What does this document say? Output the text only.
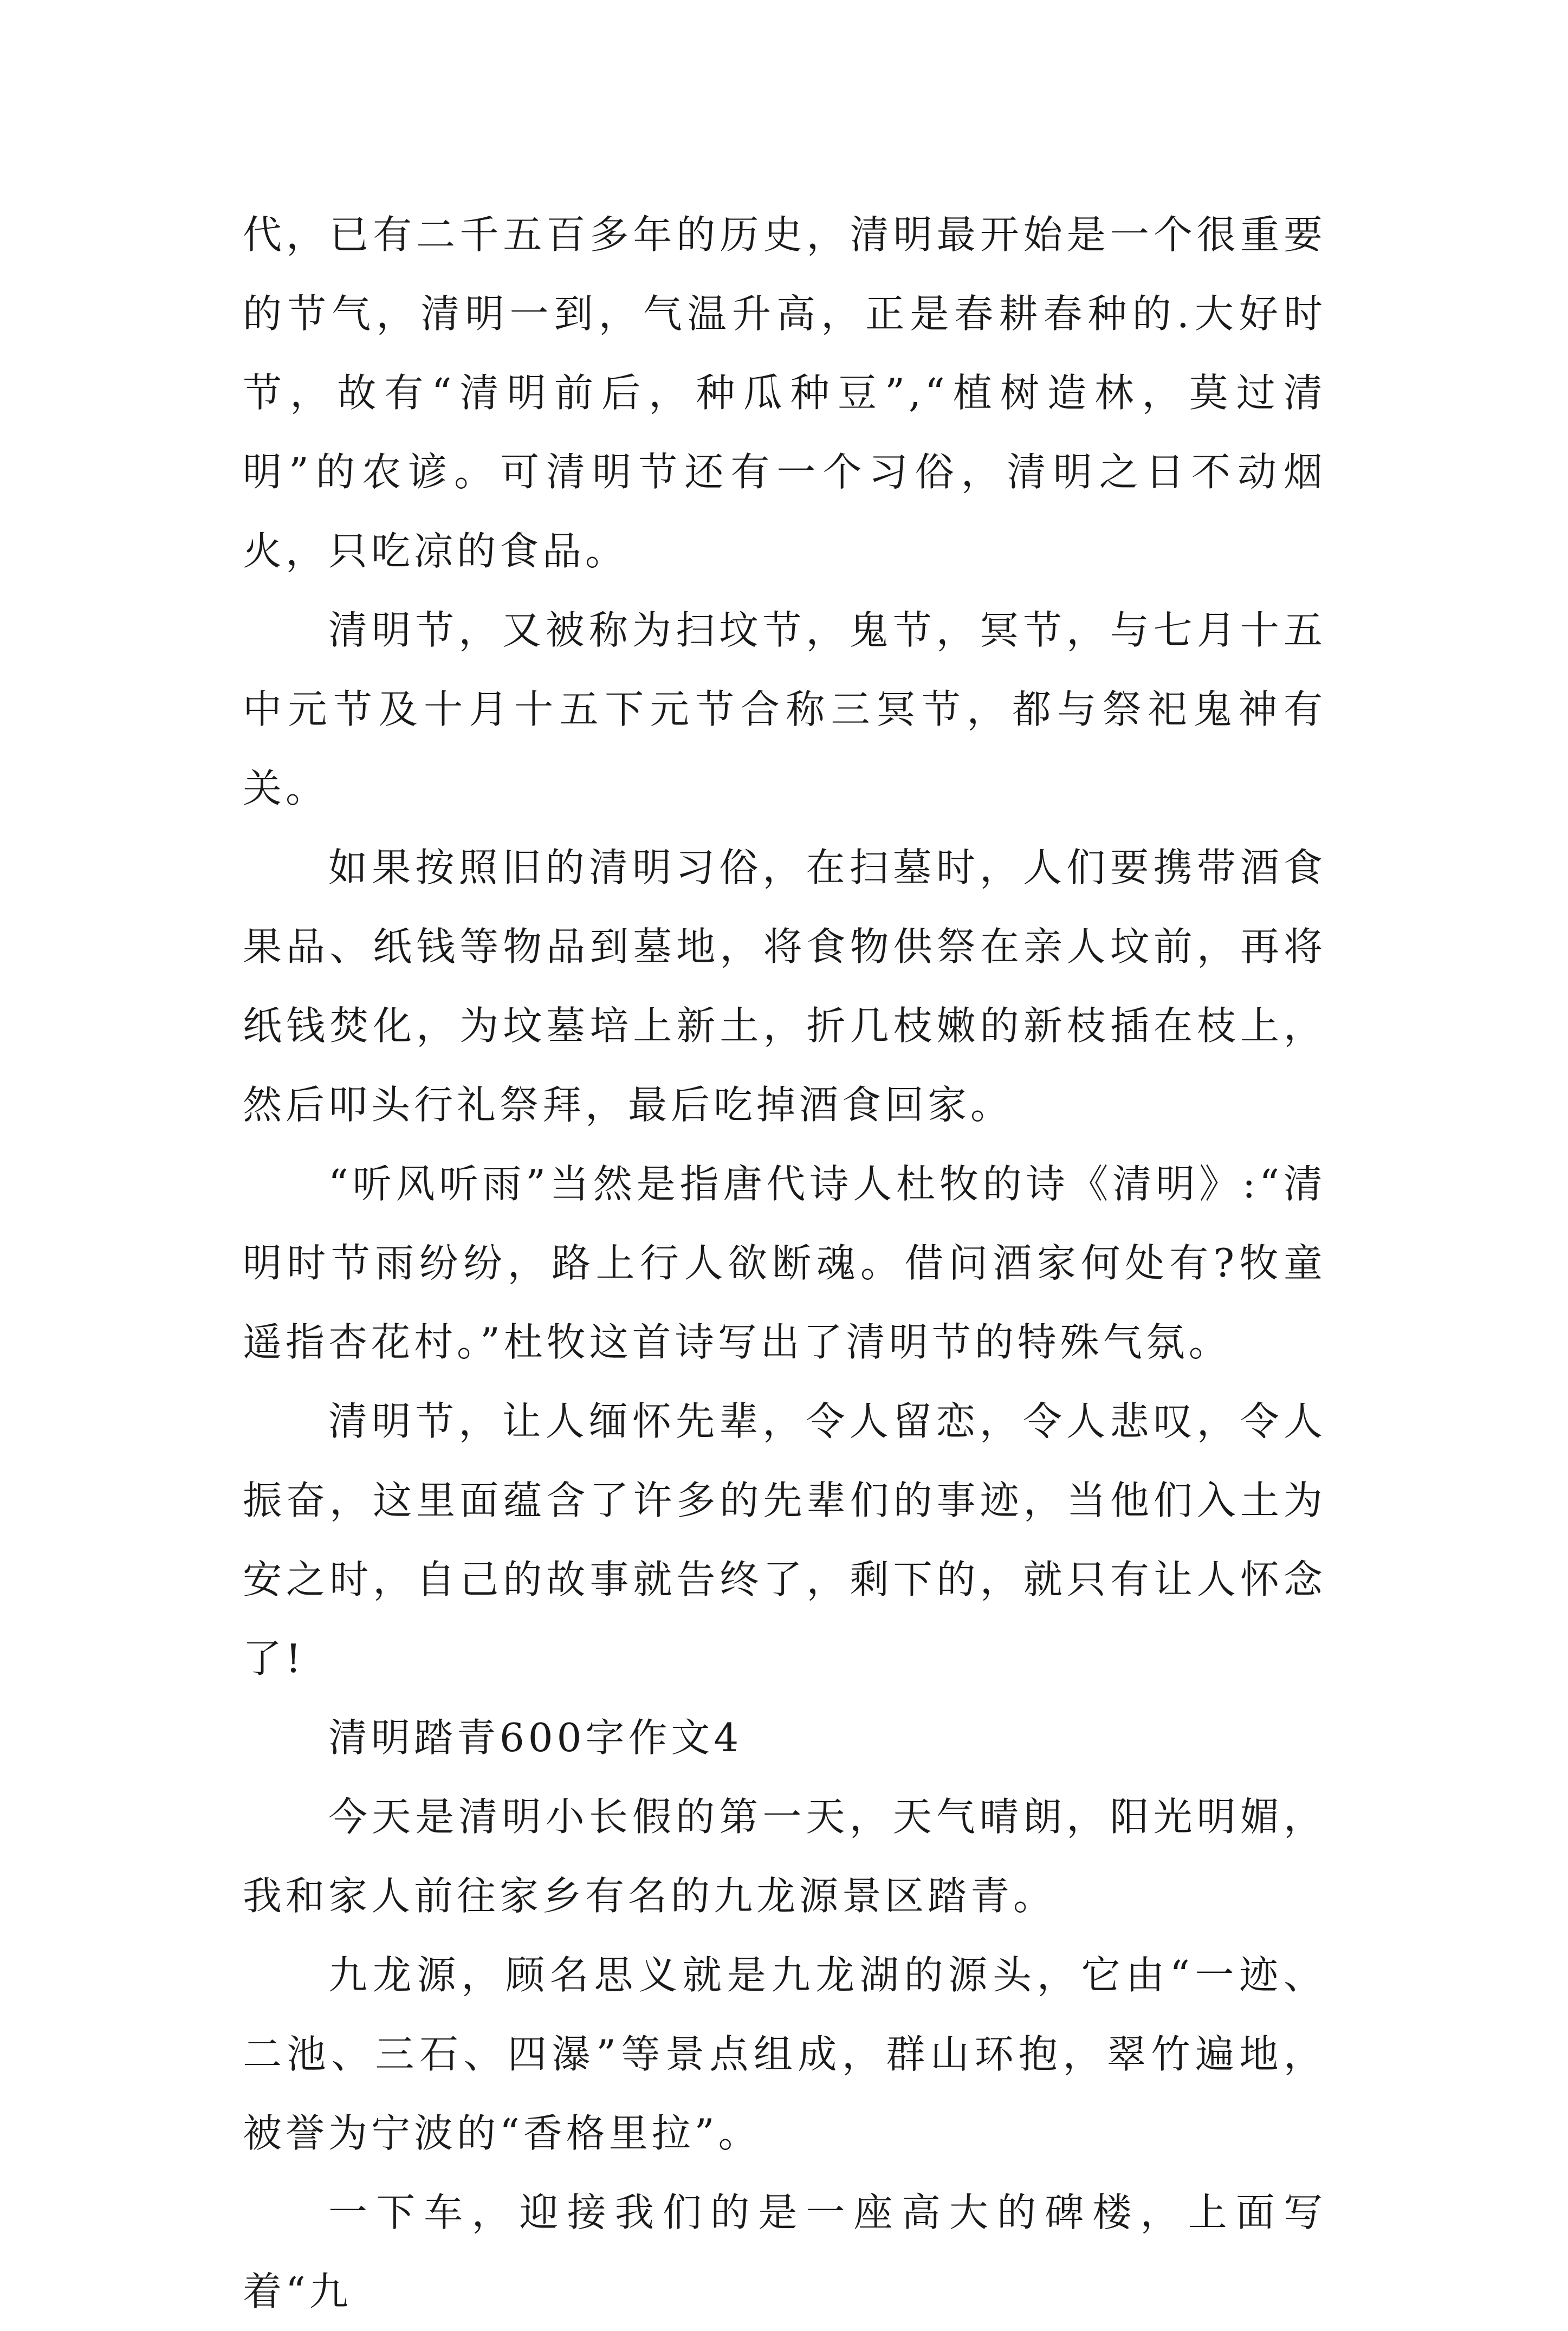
代，已有二千五百多年的历史，清明最开始是一个很重要的节气，清明一到，气温升高，正是春耕春种的.大好时节，故有“清明前后，种瓜种豆”,“植树造林，莫过清明”的农谚。可清明节还有一个习俗，清明之日不动烟火，只吃凉的食品。

清明节，又被称为扫坟节，鬼节，冥节，与七月十五中元节及十月十五下元节合称三冥节，都与祭祀鬼神有关。

如果按照旧的清明习俗，在扫墓时，人们要携带酒食果品、纸钱等物品到墓地，将食物供祭在亲人坟前，再将纸钱焚化，为坟墓培上新土，折几枝嫩的新枝插在枝上，然后叩头行礼祭拜，最后吃掉酒食回家。

“听风听雨”当然是指唐代诗人杜牧的诗《清明》:“清明时节雨纷纷，路上行人欲断魂。借问酒家何处有?牧童遥指杏花村。”杜牧这首诗写出了清明节的特殊气氛。

清明节，让人缅怀先辈，令人留恋，令人悲叹，令人振奋，这里面蕴含了许多的先辈们的事迹，当他们入土为安之时，自己的故事就告终了，剩下的，就只有让人怀念了!

清明踏青600字作文4

今天是清明小长假的第一天，天气晴朗，阳光明媚，我和家人前往家乡有名的九龙源景区踏青。

九龙源，顾名思义就是九龙湖的源头，它由“一迹、二池、三石、四瀑”等景点组成，群山环抱，翠竹遍地，被誉为宁波的“香格里拉”。

一下车，迎接我们的是一座高大的碑楼，上面写着“九
